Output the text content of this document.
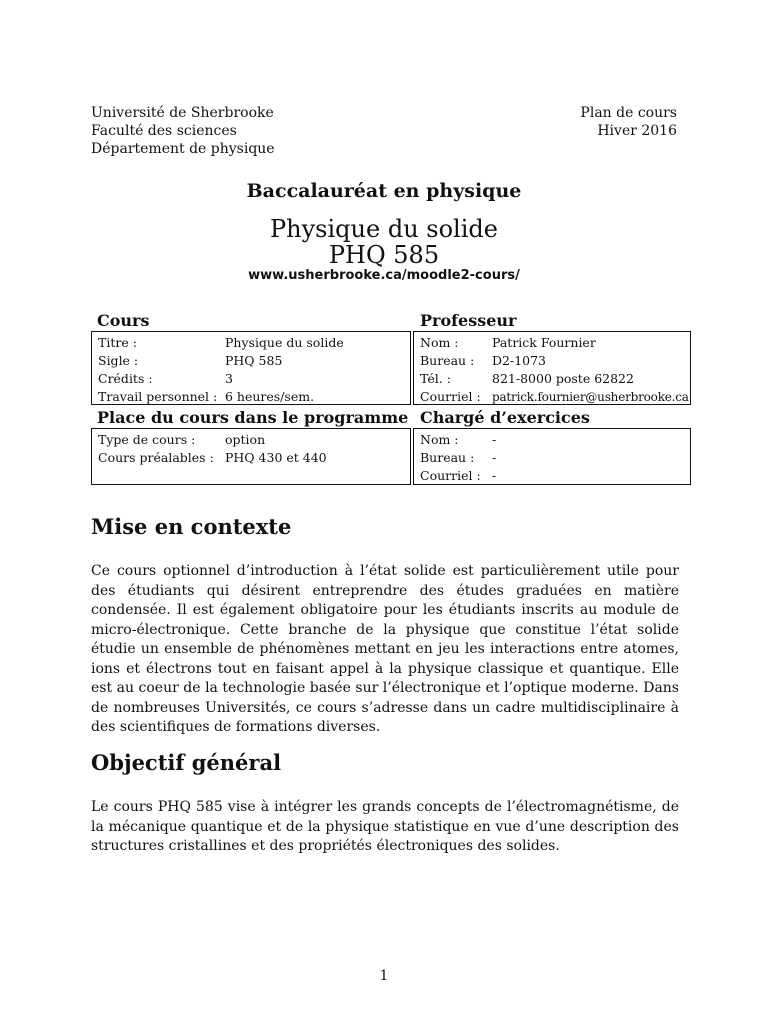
Université de Sherbrooke
Faculté des sciences
Département de physique
Plan de cours
Hiver 2016
Baccalauréat en physique
Physique du solide
PHQ 585
www.usherbrooke.ca/moodle2-cours/
Cours
Titre :	Physique du solide
Sigle :	PHQ 585
Crédits :	3
Travail personnel : 6 heures/sem.
Professeur
Nom :	Patrick Fournier
Bureau :	D2-1073
Tél. :	821-8000 poste 62822
Courriel : patrick.fournier@usherbrooke.ca
Place du cours dans le programme
Type de cours :	option
Cours préalables : PHQ 430 et 440
Chargé d’exercices
Nom :	-
Bureau :	-
Courriel : -
Mise en contexte
Ce cours optionnel d’introduction à l’état solide est particulièrement utile pour des étudiants qui désirent entreprendre des études graduées en matière condensée. Il est également obligatoire pour les étudiants inscrits au module de micro-électronique. Cette branche de la physique que constitue l’état solide étudie un ensemble de phénomènes mettant en jeu les interactions entre atomes, ions et électrons tout en faisant appel à la physique classique et quantique. Elle est au coeur de la technologie basée sur l’électronique et l’optique moderne. Dans de nombreuses Universités, ce cours s’adresse dans un cadre multidisciplinaire à des scientifiques de formations diverses.
Objectif général
Le cours PHQ 585 vise à intégrer les grands concepts de l’électromagnétisme, de la mécanique quantique et de la physique statistique en vue d’une description des structures cristallines et des propriétés électroniques des solides.
1
